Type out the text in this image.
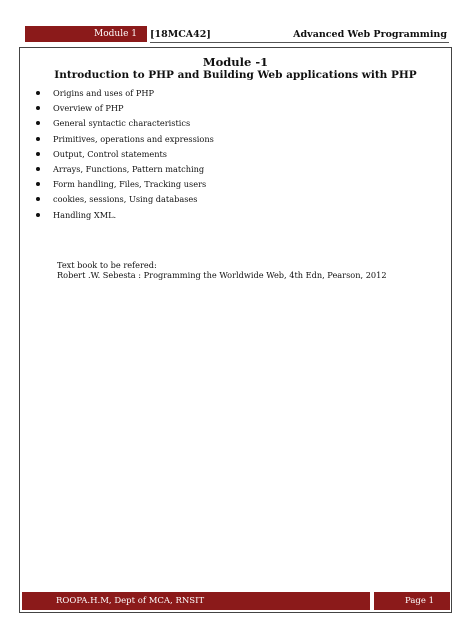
Module 1	[18MCA42]	Advanced Web Programming
Module -1
Introduction to PHP and Building Web applications with PHP
Origins and uses of PHP
Overview of PHP
General syntactic characteristics
Primitives, operations and expressions
Output, Control statements
Arrays, Functions, Pattern matching
Form handling, Files, Tracking users
cookies, sessions, Using databases
Handling XML.
Text book to be refered:
Robert .W. Sebesta : Programming the Worldwide Web, 4th Edn, Pearson, 2012
ROOPA.H.M, Dept of MCA, RNSIT	Page 1
